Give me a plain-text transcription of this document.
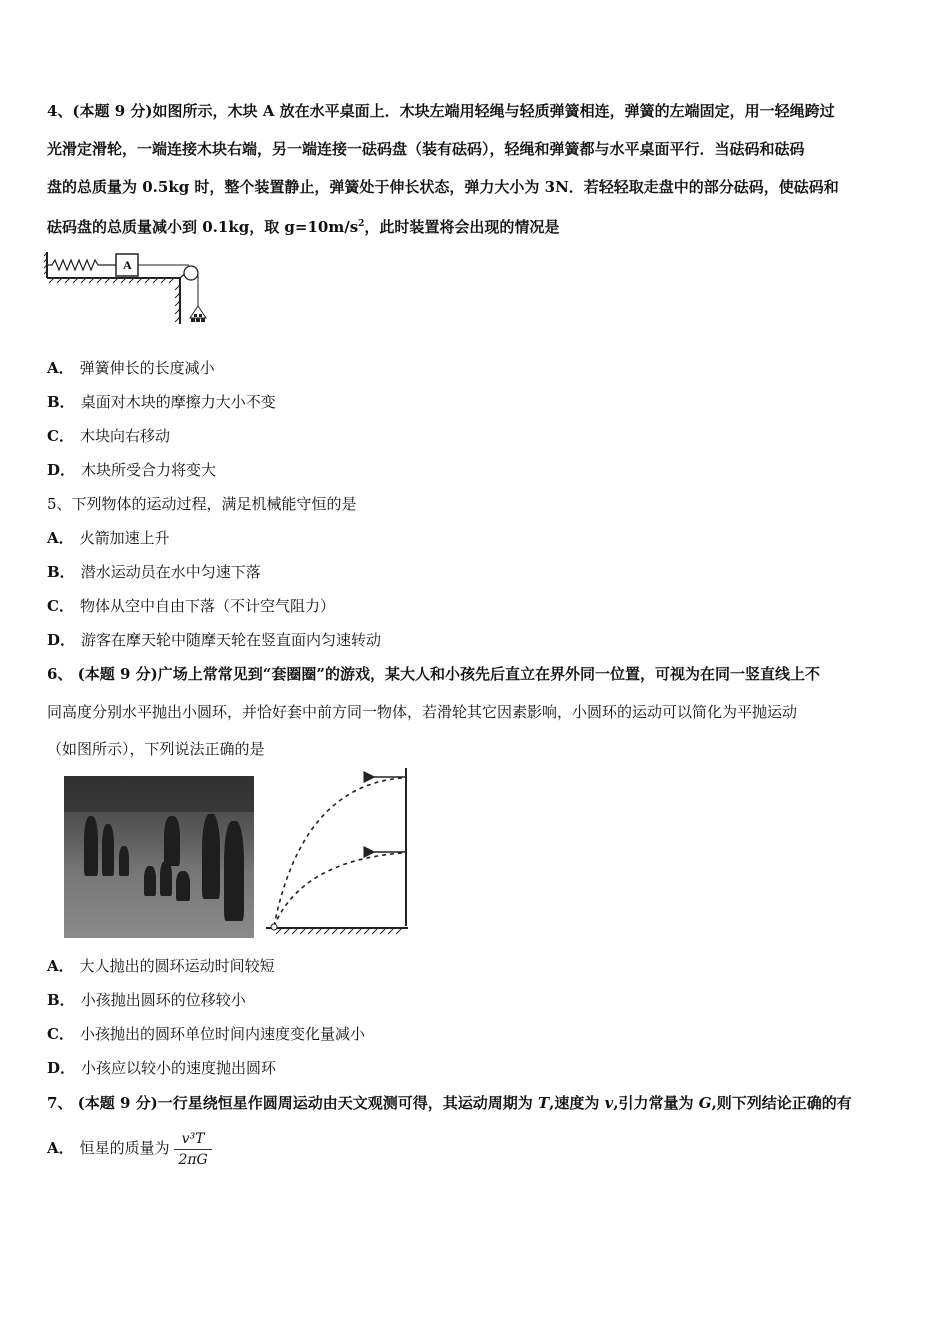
4、(本题 9 分)如图所示，木块 A 放在水平桌面上．木块左端用轻绳与轻质弹簧相连，弹簧的左端固定，用一轻绳跨过
光滑定滑轮，一端连接木块右端，另一端连接一砝码盘（装有砝码），轻绳和弹簧都与水平桌面平行．当砝码和砝码
盘的总质量为 0.5kg 时，整个装置静止，弹簧处于伸长状态，弹力大小为 3N．若轻轻取走盘中的部分砝码，使砝码和
砝码盘的总质量减小到 0.1kg，取 $g=10m/s^2$，此时装置将会出现的情况是
A
A． 弹簧伸长的长度减小
B． 桌面对木块的摩擦力大小不变
C． 木块向右移动
D． 木块所受合力将变大
5、下列物体的运动过程，满足机械能守恒的是
A． 火箭加速上升
B． 潜水运动员在水中匀速下落
C． 物体从空中自由下落（不计空气阻力）
D． 游客在摩天轮中随摩天轮在竖直面内匀速转动
6、 (本题 9 分)广场上常常见到“套圈圈”的游戏，某大人和小孩先后直立在界外同一位置，可视为在同一竖直线上不
同高度分别水平抛出小圆环，并恰好套中前方同一物体，若滑轮其它因素影响，小圆环的运动可以简化为平抛运动
（如图所示），下列说法正确的是
A． 大人抛出的圆环运动时间较短
B． 小孩抛出圆环的位移较小
C． 小孩抛出的圆环单位时间内速度变化量减小
D． 小孩应以较小的速度抛出圆环
7、 (本题 9 分)一行星绕恒星作圆周运动由天文观测可得，其运动周期为 T,速度为 v,引力常量为 G,则下列结论正确的有
A． 恒星的质量为 $\frac{\text{v³T}}{2\pi G}$
